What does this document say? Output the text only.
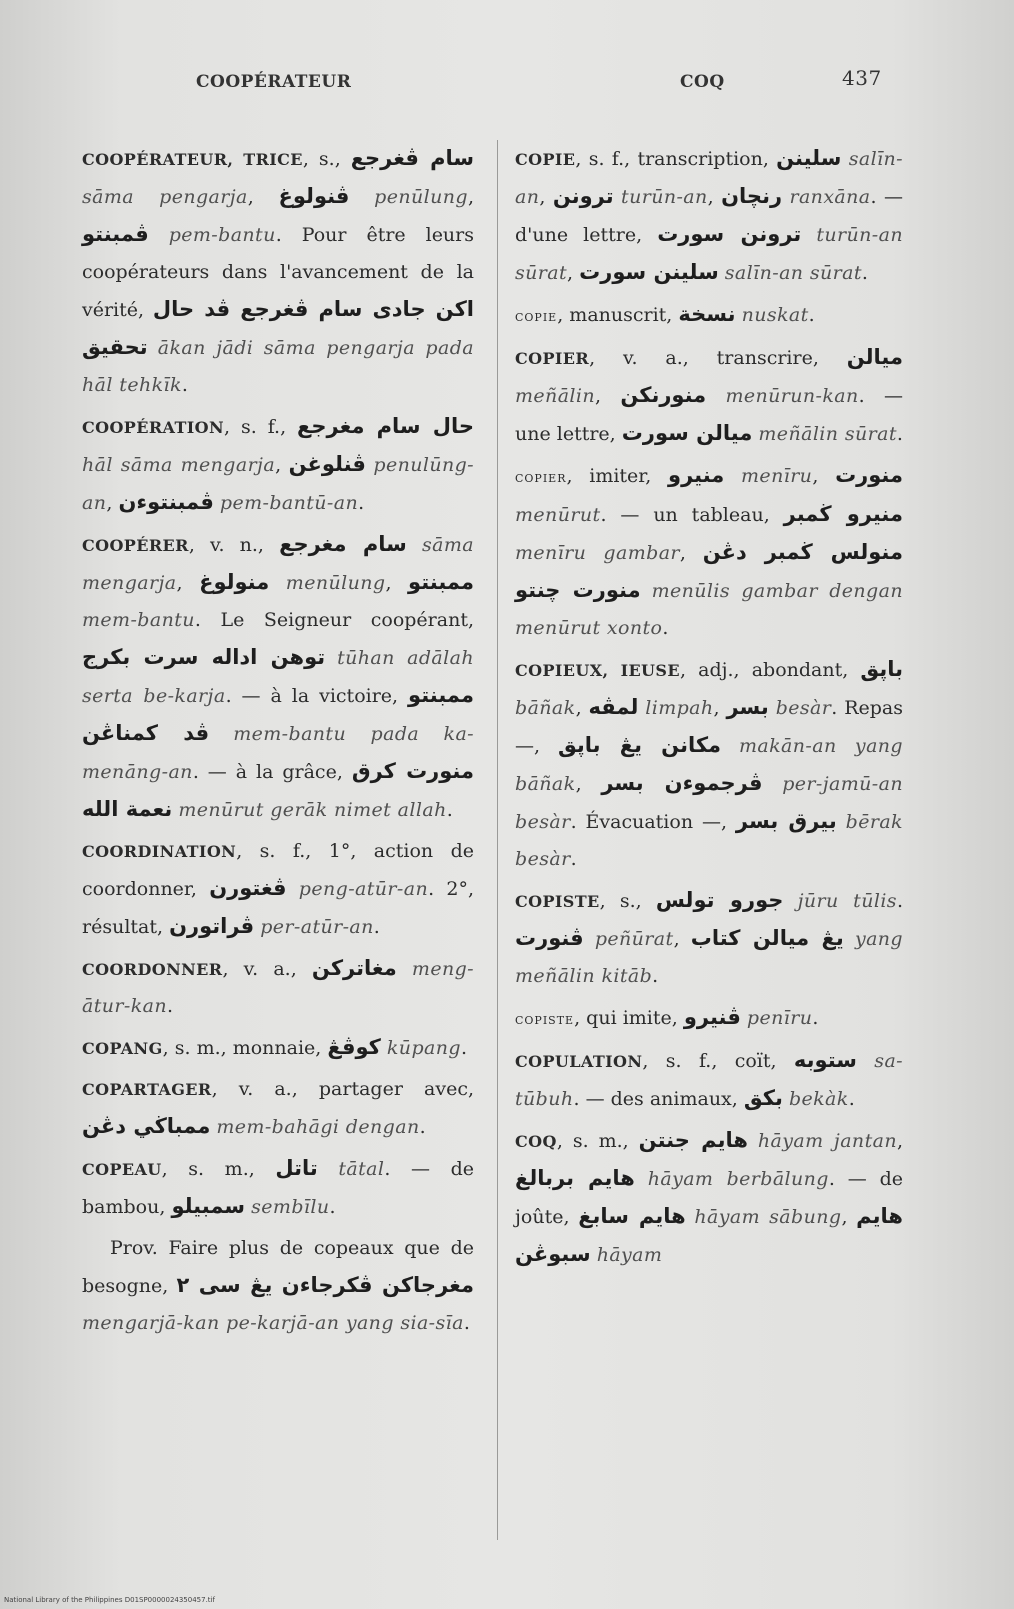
COOPÉRATEUR	COQ	437

COOPÉRATEUR, TRICE, s., سام ڤغرجع sāma pengarja, ڤنولوغ penūlung, ڤمبنتو pem-bantu. Pour être leurs coopérateurs dans l'avancement de la vérité, اكن جادى سام ڤغرجع ڤد حال تحقيق ākan jādi sāma pengarja pada hāl tehkīk.

COOPÉRATION, s. f., حال سام مغرجع hāl sāma mengarja, ڤنلوغن penulūng-an, ڤمبنتوءن pem-bantū-an.

COOPÉRER, v. n., سام مغرجع sāma mengarja, منولوغ menūlung, ممبنتو mem-bantu. Le Seigneur coopérant, توهن اداله سرت بكرج tūhan adālah serta be-karja. — à la victoire, ممبنتو ڤد كمناڠن mem-bantu pada ka-menāng-an. — à la grâce, منورت كرق نعمة الله menūrut gerāk nimet allah.

COORDINATION, s. f., 1°, action de coordonner, ڤغتورن peng-atūr-an. 2°, résultat, ڤراتورن per-atūr-an.

COORDONNER, v. a., مغاتركن meng-ātur-kan.

COPANG, s. m., monnaie, كوڤڠ kūpang.

COPARTAGER, v. a., partager avec, ممباڬي دڠن mem-bahāgi dengan.

COPEAU, s. m., تاتل tātal. — de bambou, سمبيلو sembīlu.

Prov. Faire plus de copeaux que de besogne, مغرجاكن ڤكرجاءن يڠ سى ٢ mengarjā-kan pe-karjā-an yang sia-sīa.

COPIE, s. f., transcription, سلينن salīn-an, ترونن turūn-an, رنچان ranxāna. — d'une lettre, ترونن سورت turūn-an sūrat, سلينن سورت salīn-an sūrat.

copie, manuscrit, نسخة nuskat.

COPIER, v. a., transcrire, ميالن meñālin, منورنكن menūrun-kan. — une lettre, ميالن سورت meñālin sūrat.

copier, imiter, منيرو menīru, منورت menūrut. — un tableau, منيرو ڬمبر menīru gambar, منولس ڬمبر دڠن منورت چنتو menūlis gambar dengan menūrut xonto.

COPIEUX, IEUSE, adj., abondant, باڽق bāñak, لمڤه limpah, بسر besàr. Repas —, مكانن يڠ باڽق makān-an yang bāñak, ڤرجموءن بسر per-jamū-an besàr. Évacuation —, بيرق بسر bērak besàr.

COPISTE, s., جورو تولس jūru tūlis. ڤنورت peñūrat, يڠ ميالن كتاب yang meñālin kitāb.

copiste, qui imite, ڤنيرو penīru.

COPULATION, s. f., coït, ستوبه sa-tūbuh. — des animaux, بكق bekàk.

COQ, s. m., هايم جنتن hāyam jantan, هايم بربالغ hāyam berbālung. — de joûte, هايم سابغ hāyam sābung, هايم سبوڠن hāyam

National Library of the Philippines D01SP0000024350457.tif
